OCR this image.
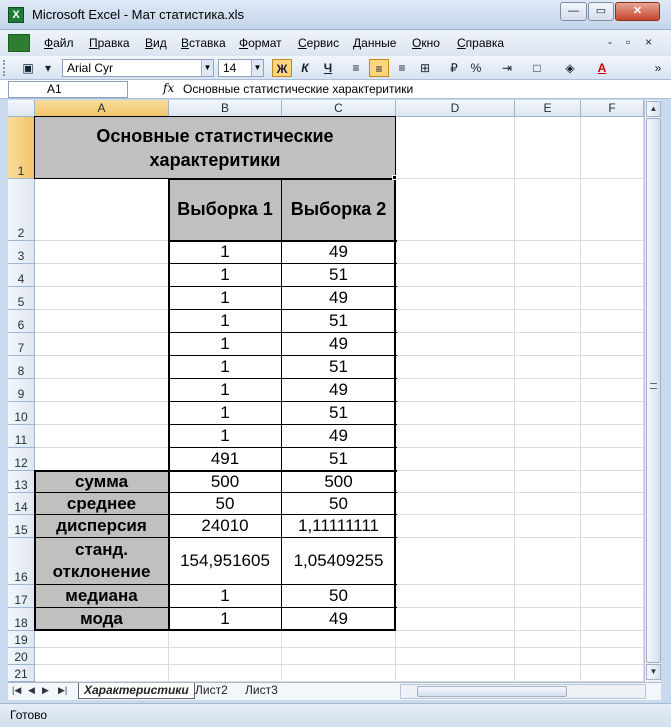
X Microsoft Excel - Мат статистика.xls	—	▭	✕
Файл Правка Вид Вставка Формат Сервис Данные Окно Справка	- ▫ ×
▣ ▾	Arial Cyr	▼ 14	▼	Ж	К	Ч	≡	≡	≡	⊞	₽	%	⇥	□	◈	A	»
A1	fx Основные статистические характеритики
A	B	C	D	E	F
1
2
3
4
5
6
7
8
9
10
11
12
13
14
15
16
17
18
19
20
21
Основные статистические характеритики
Выборка 1 Выборка 2
1	49
1	51
1	49
1	51
1	49
1	51
1	49
1	51
1	49
491	51
сумма	500	500
среднее	50	50
дисперсия	24010	1,11111111
станд. отклонение
154,951605	1,05409255
медиана	1	50
мода	1	49
▲
▼
|◀ ◀ ▶ ▶|	Характеристики Лист2	Лист3
Готово
